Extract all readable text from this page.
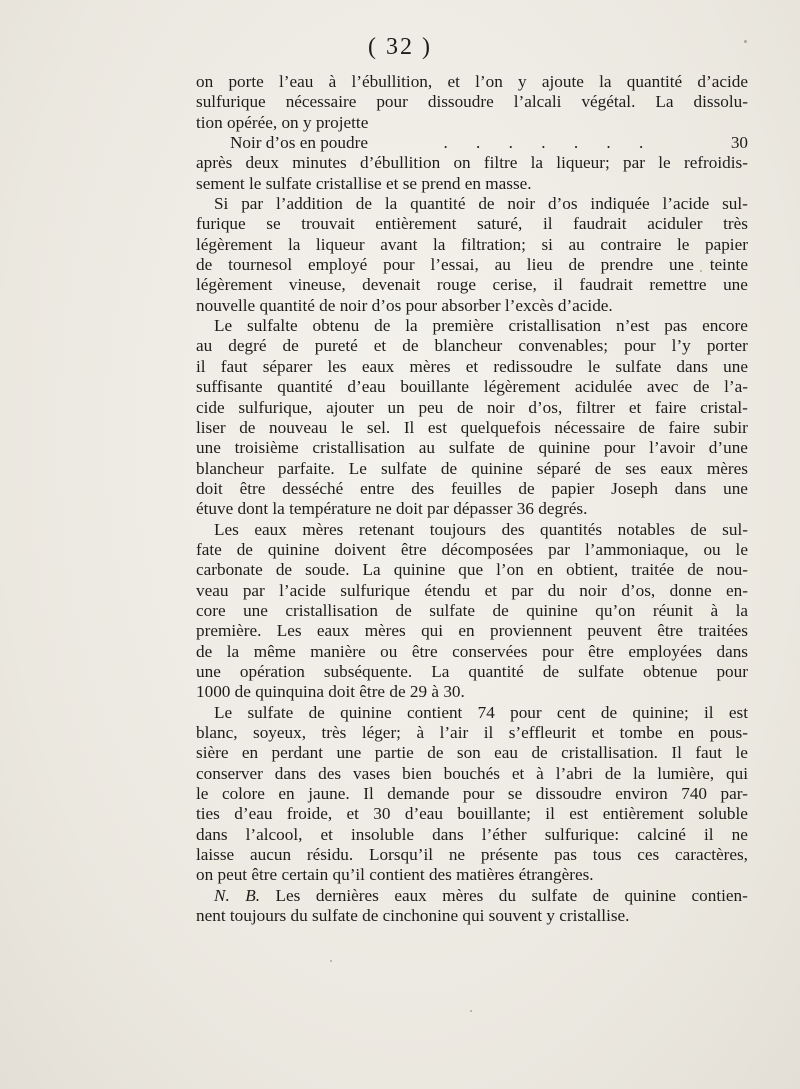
( 32 )
on porte l’eau à l’ébullition, et l’on y ajoute la quantité d’acide
sulfurique nécessaire pour dissoudre l’alcali végétal. La dissolu-
tion opérée, on y projette
Noir d’os en poudre	. . . . . . .	30
après deux minutes d’ébullition on filtre la liqueur; par le refroidis-
sement le sulfate cristallise et se prend en masse.
Si par l’addition de la quantité de noir d’os indiquée l’acide sul-
furique se trouvait entièrement saturé, il faudrait aciduler très
légèrement la liqueur avant la filtration; si au contraire le papier
de tournesol employé pour l’essai, au lieu de prendre une teinte
légèrement vineuse, devenait rouge cerise, il faudrait remettre une
nouvelle quantité de noir d’os pour absorber l’excès d’acide.
Le sulfalte obtenu de la première cristallisation n’est pas encore
au degré de pureté et de blancheur convenables; pour l’y porter
il faut séparer les eaux mères et redissoudre le sulfate dans une
suffisante quantité d’eau bouillante légèrement acidulée avec de l’a-
cide sulfurique, ajouter un peu de noir d’os, filtrer et faire cristal-
liser de nouveau le sel. Il est quelquefois nécessaire de faire subir
une troisième cristallisation au sulfate de quinine pour l’avoir d’une
blancheur parfaite. Le sulfate de quinine séparé de ses eaux mères
doit être desséché entre des feuilles de papier Joseph dans une
étuve dont la température ne doit par dépasser 36 degrés.
Les eaux mères retenant toujours des quantités notables de sul-
fate de quinine doivent être décomposées par l’ammoniaque, ou le
carbonate de soude. La quinine que l’on en obtient, traitée de nou-
veau par l’acide sulfurique étendu et par du noir d’os, donne en-
core une cristallisation de sulfate de quinine qu’on réunit à la
première. Les eaux mères qui en proviennent peuvent être traitées
de la même manière ou être conservées pour être employées dans
une opération subséquente. La quantité de sulfate obtenue pour
1000 de quinquina doit être de 29 à 30.
Le sulfate de quinine contient 74 pour cent de quinine; il est
blanc, soyeux, très léger; à l’air il s’effleurit et tombe en pous-
sière en perdant une partie de son eau de cristallisation. Il faut le
conserver dans des vases bien bouchés et à l’abri de la lumière, qui
le colore en jaune. Il demande pour se dissoudre environ 740 par-
ties d’eau froide, et 30 d’eau bouillante; il est entièrement soluble
dans l’alcool, et insoluble dans l’éther sulfurique: calciné il ne
laisse aucun résidu. Lorsqu’il ne présente pas tous ces caractères,
on peut être certain qu’il contient des matières étrangères.
N. B. Les dernières eaux mères du sulfate de quinine contien-
nent toujours du sulfate de cinchonine qui souvent y cristallise.
